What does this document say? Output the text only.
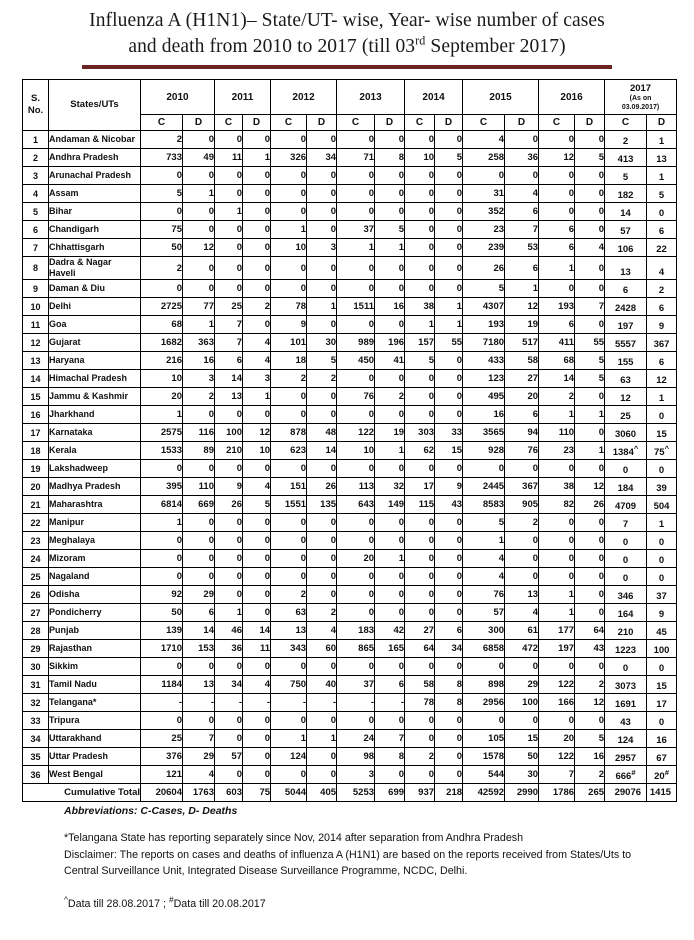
Influenza A (H1N1)– State/UT- wise, Year- wise number of cases
and death from 2010 to 2017 (till 03rd September 2017)
S.
No.	States/UTs	2010		2011		2012		2013		2014		2015		2016		2017
(As on
03.09.2017)	

		C	D	C	D	C	D	C	D	C	D	C	D	C	D	C	D
1	Andaman & Nicobar	2	0	0	0	0	0	0	0	0	0	4	0	0	0	2	1
2	Andhra Pradesh	733	49	11	1	326	34	71	8	10	5	258	36	12	5	413	13
3	Arunachal Pradesh	0	0	0	0	0	0	0	0	0	0	0	0	0	0	5	1
4	Assam	5	1	0	0	0	0	0	0	0	0	31	4	0	0	182	5
5	Bihar	0	0	1	0	0	0	0	0	0	0	352	6	0	0	14	0
6	Chandigarh	75	0	0	0	1	0	37	5	0	0	23	7	6	0	57	6
7	Chhattisgarh	50	12	0	0	10	3	1	1	0	0	239	53	6	4	106	22
8	Dadra & Nagar Haveli	2	0	0	0	0	0	0	0	0	0	26	6	1	0	13	4
9	Daman & Diu	0	0	0	0	0	0	0	0	0	0	5	1	0	0	6	2
10	Delhi	2725	77	25	2	78	1	1511	16	38	1	4307	12	193	7	2428	6
11	Goa	68	1	7	0	9	0	0	0	1	1	193	19	6	0	197	9
12	Gujarat	1682	363	7	4	101	30	989	196	157	55	7180	517	411	55	5557	367
13	Haryana	216	16	6	4	18	5	450	41	5	0	433	58	68	5	155	6
14	Himachal Pradesh	10	3	14	3	2	2	0	0	0	0	123	27	14	5	63	12
15	Jammu & Kashmir	20	2	13	1	0	0	76	2	0	0	495	20	2	0	12	1
16	Jharkhand	1	0	0	0	0	0	0	0	0	0	16	6	1	1	25	0
17	Karnataka	2575	116	100	12	878	48	122	19	303	33	3565	94	110	0	3060	15
18	Kerala	1533	89	210	10	623	14	10	1	62	15	928	76	23	1	1384^	75^
19	Lakshadweep	0	0	0	0	0	0	0	0	0	0	0	0	0	0	0	0
20	Madhya Pradesh	395	110	9	4	151	26	113	32	17	9	2445	367	38	12	184	39
21	Maharashtra	6814	669	26	5	1551	135	643	149	115	43	8583	905	82	26	4709	504
22	Manipur	1	0	0	0	0	0	0	0	0	0	5	2	0	0	7	1
23	Meghalaya	0	0	0	0	0	0	0	0	0	0	1	0	0	0	0	0
24	Mizoram	0	0	0	0	0	0	20	1	0	0	4	0	0	0	0	0
25	Nagaland	0	0	0	0	0	0	0	0	0	0	4	0	0	0	0	0
26	Odisha	92	29	0	0	2	0	0	0	0	0	76	13	1	0	346	37
27	Pondicherry	50	6	1	0	63	2	0	0	0	0	57	4	1	0	164	9
28	Punjab	139	14	46	14	13	4	183	42	27	6	300	61	177	64	210	45
29	Rajasthan	1710	153	36	11	343	60	865	165	64	34	6858	472	197	43	1223	100
30	Sikkim	0	0	0	0	0	0	0	0	0	0	0	0	0	0	0	0
31	Tamil Nadu	1184	13	34	4	750	40	37	6	58	8	898	29	122	2	3073	15
32	Telangana*	-	-	-	-	-	-	-	-	78	8	2956	100	166	12	1691	17
33	Tripura	0	0	0	0	0	0	0	0	0	0	0	0	0	0	43	0
34	Uttarakhand	25	7	0	0	1	1	24	7	0	0	105	15	20	5	124	16
35	Uttar Pradesh	376	29	57	0	124	0	98	8	2	0	1578	50	122	16	2957	67
36	West Bengal	121	4	0	0	0	0	3	0	0	0	544	30	7	2	666#	20#
Cumulative Total		20604	1763	603	75	5044	405	5253	699	937	218	42592	2990	1786	265	29076	1415
Abbreviations: C-Cases, D- Deaths

*Telangana State has reporting separately since Nov, 2014 after separation from Andhra Pradesh

Disclaimer: The reports on cases and deaths of influenza A (H1N1) are based on the reports received from States/Uts to Central Surveillance Unit, Integrated Disease Surveillance Programme, NCDC, Delhi.

^Data till 28.08.2017 ; #Data till 20.08.2017
